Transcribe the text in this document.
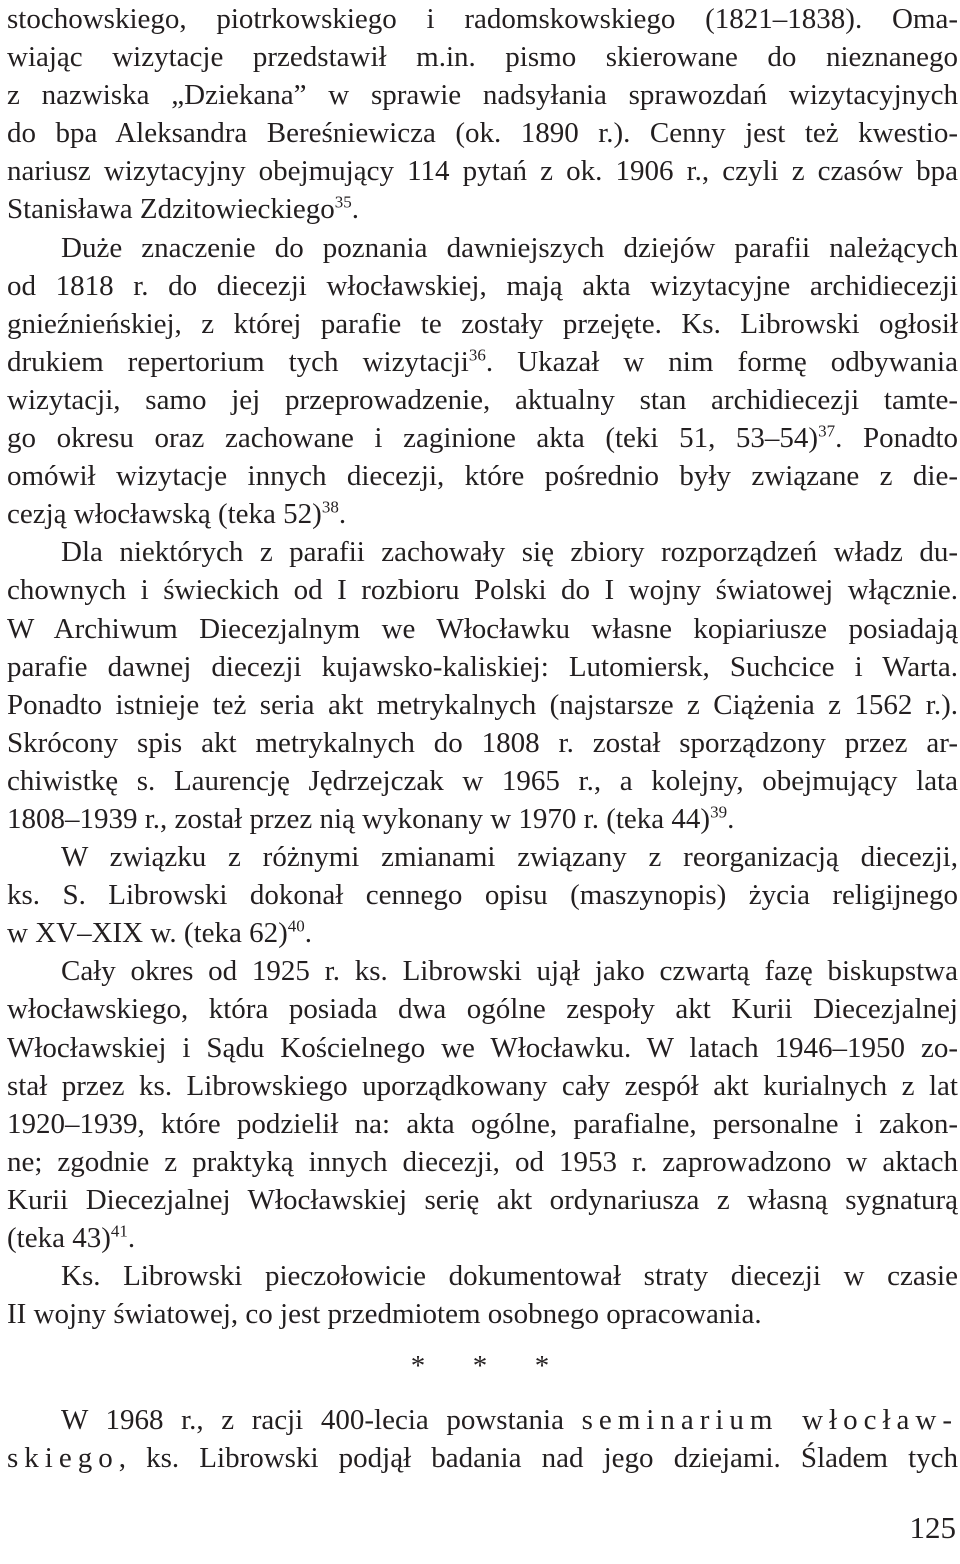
stochowskiego, piotrkowskiego i radomskowskiego (1821–1838). Oma-
wiając wizytacje przedstawił m.in. pismo skierowane do nieznanego
z nazwiska „Dziekana” w sprawie nadsyłania sprawozdań wizytacyjnych
do bpa Aleksandra Bereśniewicza (ok. 1890 r.). Cenny jest też kwestio-
nariusz wizytacyjny obejmujący 114 pytań z ok. 1906 r., czyli z czasów bpa
Stanisława Zdzitowieckiego$^{35}$.
Duże znaczenie do poznania dawniejszych dziejów parafii należących
od 1818 r. do diecezji włocławskiej, mają akta wizytacyjne archidiecezji
gnieźnieńskiej, z której parafie te zostały przejęte. Ks. Librowski ogłosił
drukiem repertorium tych wizytacji$^{36}$. Ukazał w nim formę odbywania
wizytacji, samo jej przeprowadzenie, aktualny stan archidiecezji tamte-
go okresu oraz zachowane i zaginione akta (teki 51, 53–54)$^{37}$. Ponadto
omówił wizytacje innych diecezji, które pośrednio były związane z die-
cezją włocławską (teka 52)$^{38}$.
Dla niektórych z parafii zachowały się zbiory rozporządzeń władz du-
chownych i świeckich od I rozbioru Polski do I wojny światowej włącznie.
W Archiwum Diecezjalnym we Włocławku własne kopiariusze posiadają
parafie dawnej diecezji kujawsko-kaliskiej: Lutomiersk, Suchcice i Warta.
Ponadto istnieje też seria akt metrykalnych (najstarsze z Ciążenia z 1562 r.).
Skrócony spis akt metrykalnych do 1808 r. został sporządzony przez ar-
chiwistkę s. Laurencję Jędrzejczak w 1965 r., a kolejny, obejmujący lata
1808–1939 r., został przez nią wykonany w 1970 r. (teka 44)$^{39}$.
W związku z różnymi zmianami związany z reorganizacją diecezji,
ks. S. Librowski dokonał cennego opisu (maszynopis) życia religijnego
w XV–XIX w. (teka 62)$^{40}$.
Cały okres od 1925 r. ks. Librowski ujął jako czwartą fazę biskupstwa
włocławskiego, która posiada dwa ogólne zespoły akt Kurii Diecezjalnej
Włocławskiej i Sądu Kościelnego we Włocławku. W latach 1946–1950 zo-
stał przez ks. Librowskiego uporządkowany cały zespół akt kurialnych z lat
1920–1939, które podzielił na: akta ogólne, parafialne, personalne i zakon-
ne; zgodnie z praktyką innych diecezji, od 1953 r. zaprowadzono w aktach
Kurii Diecezjalnej Włocławskiej serię akt ordynariusza z własną sygnaturą
(teka 43)$^{41}$.
Ks. Librowski pieczołowicie dokumentował straty diecezji w czasie
II wojny światowej, co jest przedmiotem osobnego opracowania.
* * *
W 1968 r., z racji 400-lecia powstania seminarium włocław-
skiego, ks. Librowski podjął badania nad jego dziejami. Śladem tych
125
